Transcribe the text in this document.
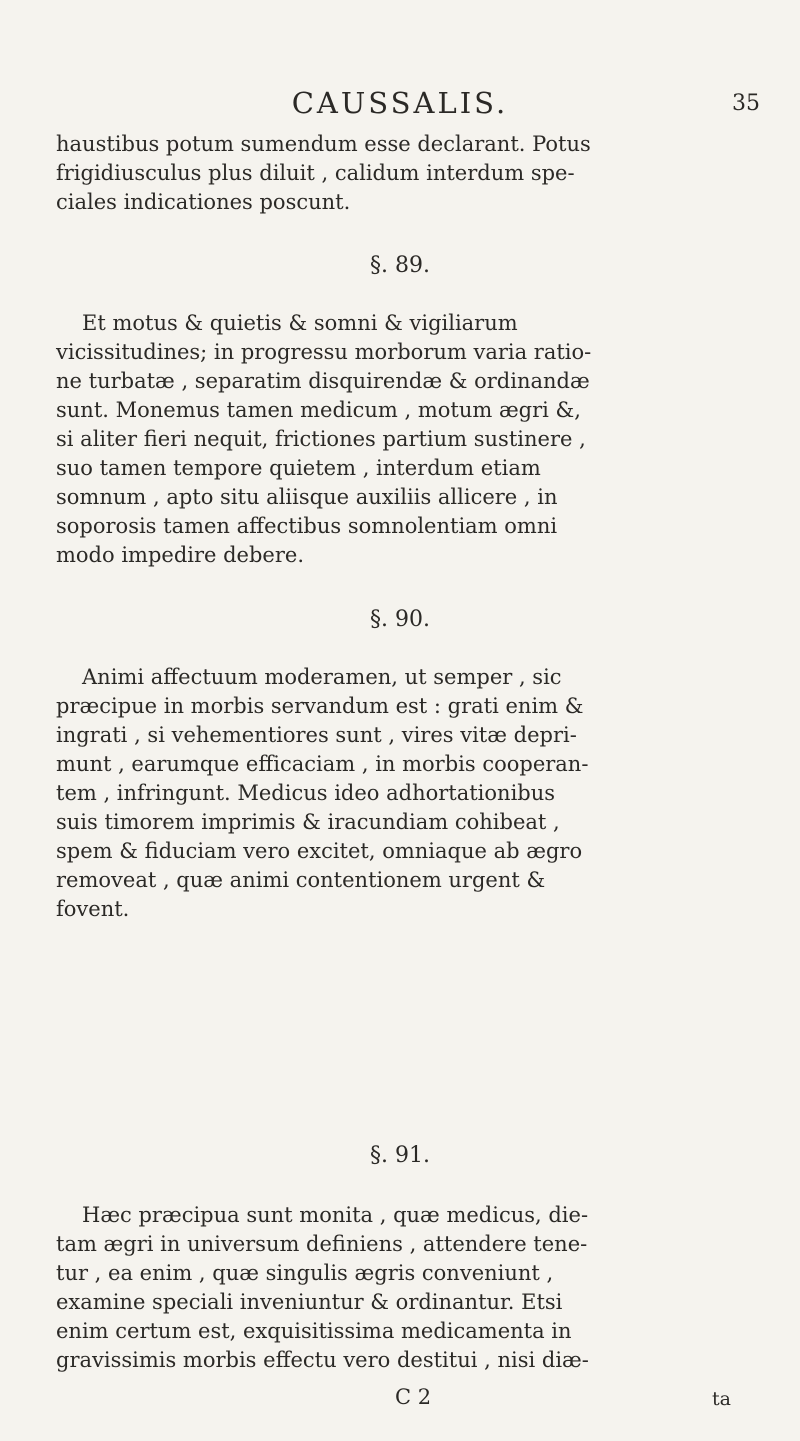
CAUSSALIS.	35
haustibus potum sumendum esse declarant. Potus
frigidiusculus plus diluit , calidum interdum spe-
ciales indicationes poscunt.
§. 89.
Et motus & quietis & somni & vigiliarum
vicissitudines; in progressu morborum varia ratio-
ne turbatæ , separatim disquirendæ & ordinandæ
sunt. Monemus tamen medicum , motum ægri &,
si aliter fieri nequit, frictiones partium sustinere ,
suo tamen tempore quietem , interdum etiam
somnum , apto situ aliisque auxiliis allicere , in
soporosis tamen affectibus somnolentiam omni
modo impedire debere.
§. 90.
Animi affectuum moderamen, ut semper , sic
præcipue in morbis servandum est : grati enim &
ingrati , si vehementiores sunt , vires vitæ depri-
munt , earumque efficaciam , in morbis cooperan-
tem , infringunt. Medicus ideo adhortationibus
suis timorem imprimis & iracundiam cohibeat ,
spem & fiduciam vero excitet, omniaque ab ægro
removeat , quæ animi contentionem urgent &
fovent.
§. 91.
Hæc præcipua sunt monita , quæ medicus, die-
tam ægri in universum definiens , attendere tene-
tur , ea enim , quæ singulis ægris conveniunt ,
examine speciali inveniuntur & ordinantur. Etsi
enim certum est, exquisitissima medicamenta in
gravissimis morbis effectu vero destitui , nisi diæ-
C 2	ta
